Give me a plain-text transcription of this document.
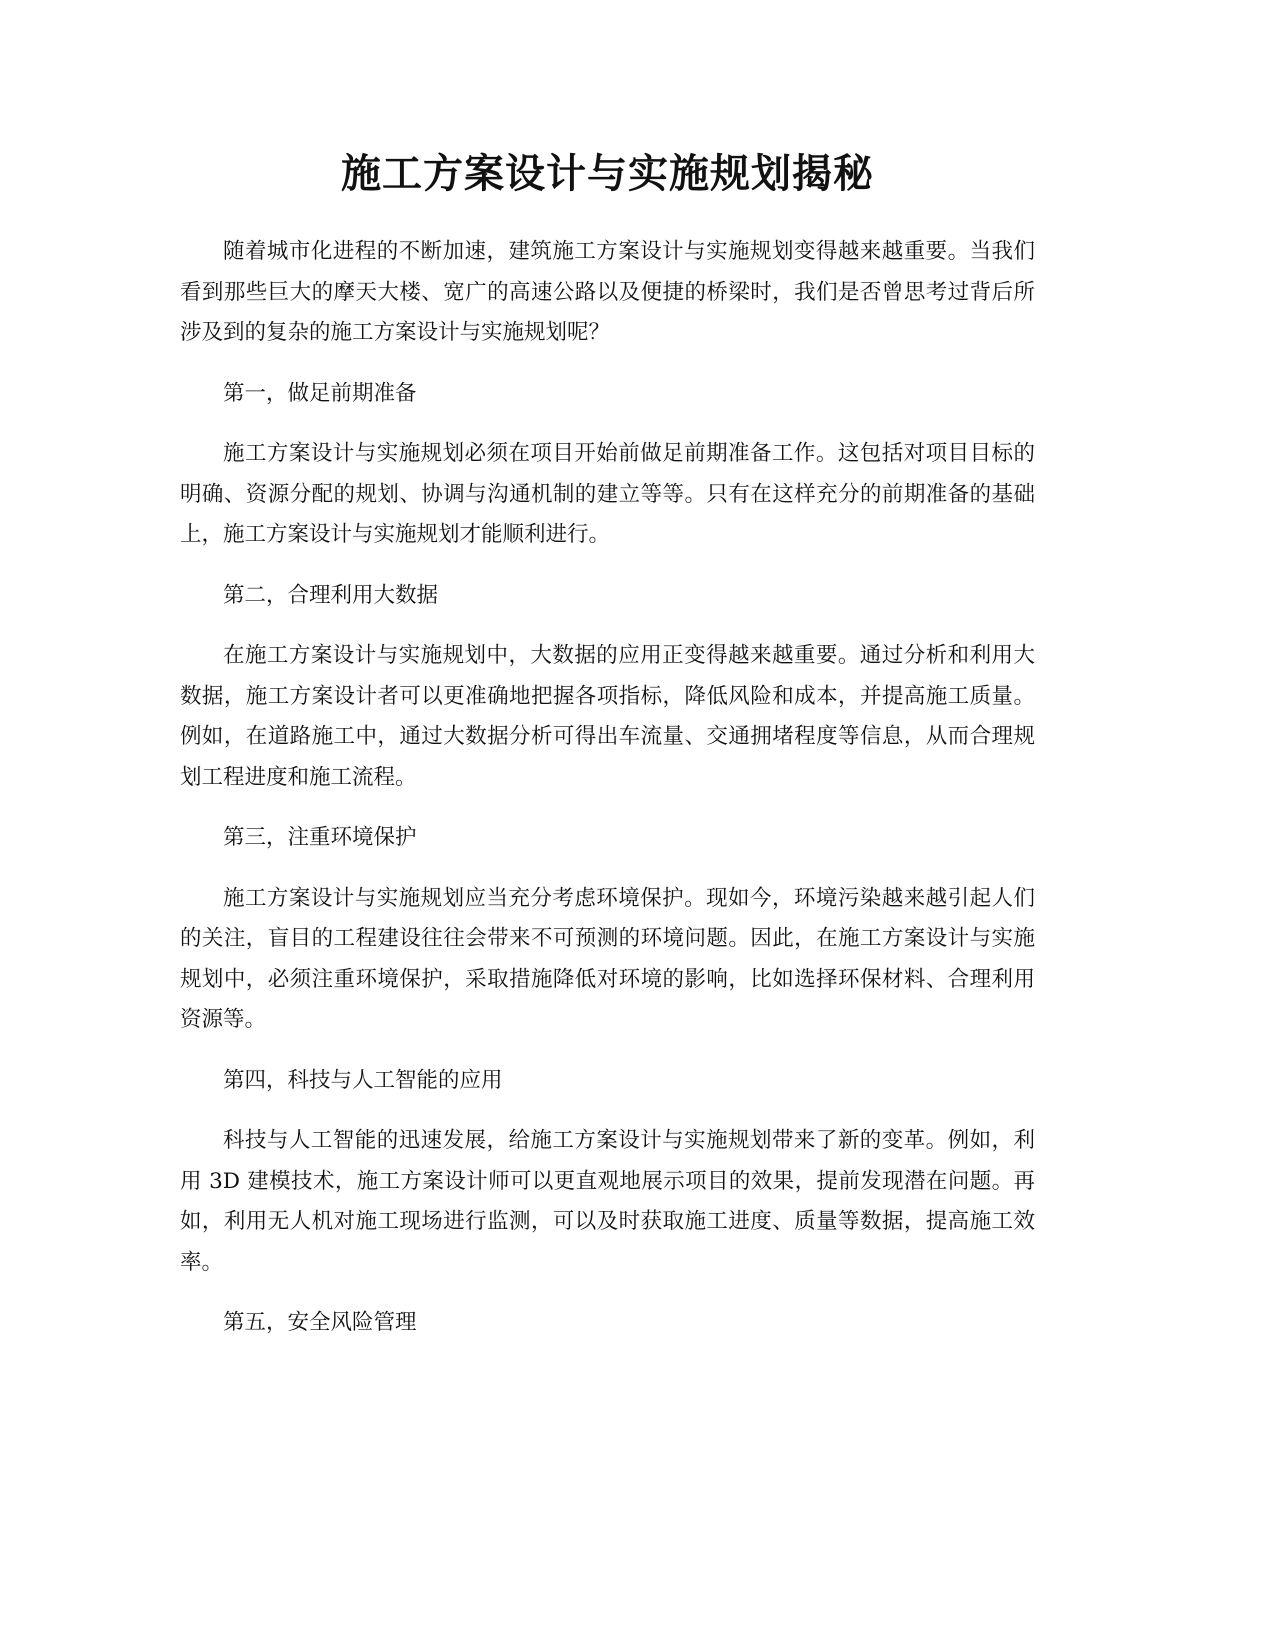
施工方案设计与实施规划揭秘

随着城市化进程的不断加速，建筑施工方案设计与实施规划变得越来越重要。当我们看到那些巨大的摩天大楼、宽广的高速公路以及便捷的桥梁时，我们是否曾思考过背后所涉及到的复杂的施工方案设计与实施规划呢？

第一，做足前期准备

施工方案设计与实施规划必须在项目开始前做足前期准备工作。这包括对项目目标的明确、资源分配的规划、协调与沟通机制的建立等等。只有在这样充分的前期准备的基础上，施工方案设计与实施规划才能顺利进行。

第二，合理利用大数据

在施工方案设计与实施规划中，大数据的应用正变得越来越重要。通过分析和利用大数据，施工方案设计者可以更准确地把握各项指标，降低风险和成本，并提高施工质量。例如，在道路施工中，通过大数据分析可得出车流量、交通拥堵程度等信息，从而合理规划工程进度和施工流程。

第三，注重环境保护

施工方案设计与实施规划应当充分考虑环境保护。现如今，环境污染越来越引起人们的关注，盲目的工程建设往往会带来不可预测的环境问题。因此，在施工方案设计与实施规划中，必须注重环境保护，采取措施降低对环境的影响，比如选择环保材料、合理利用资源等。

第四，科技与人工智能的应用

科技与人工智能的迅速发展，给施工方案设计与实施规划带来了新的变革。例如，利用 3D 建模技术，施工方案设计师可以更直观地展示项目的效果，提前发现潜在问题。再如，利用无人机对施工现场进行监测，可以及时获取施工进度、质量等数据，提高施工效率。

第五，安全风险管理
